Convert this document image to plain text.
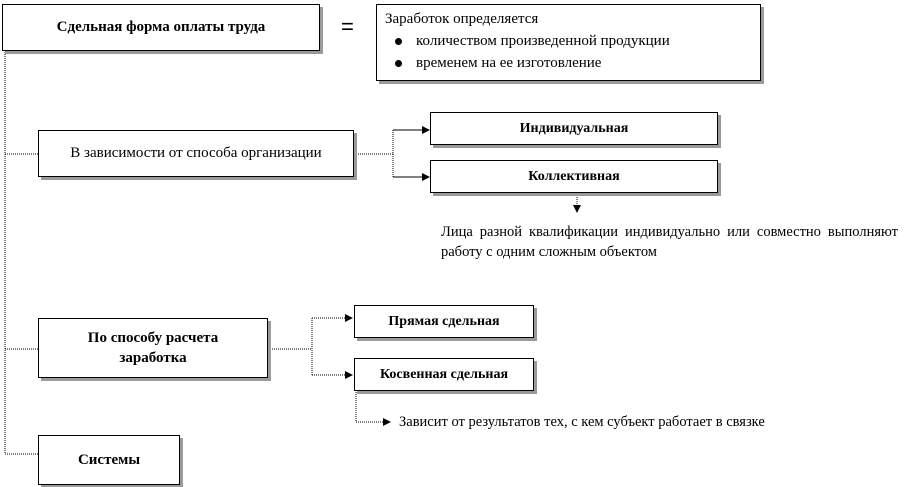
Сдельная форма оплаты труда	= Заработок определяется
количеством произведенной продукции
временем на ее изготовление
В зависимости от способа организации
Индивидуальная
Коллективная
Лица разной квалификации индивидуально или совместно выполняют работу с одним сложным объектом
По способу расчета заработка
Прямая сдельная
Косвенная сдельная
Зависит от результатов тех, с кем субъект работает в связке
Системы
